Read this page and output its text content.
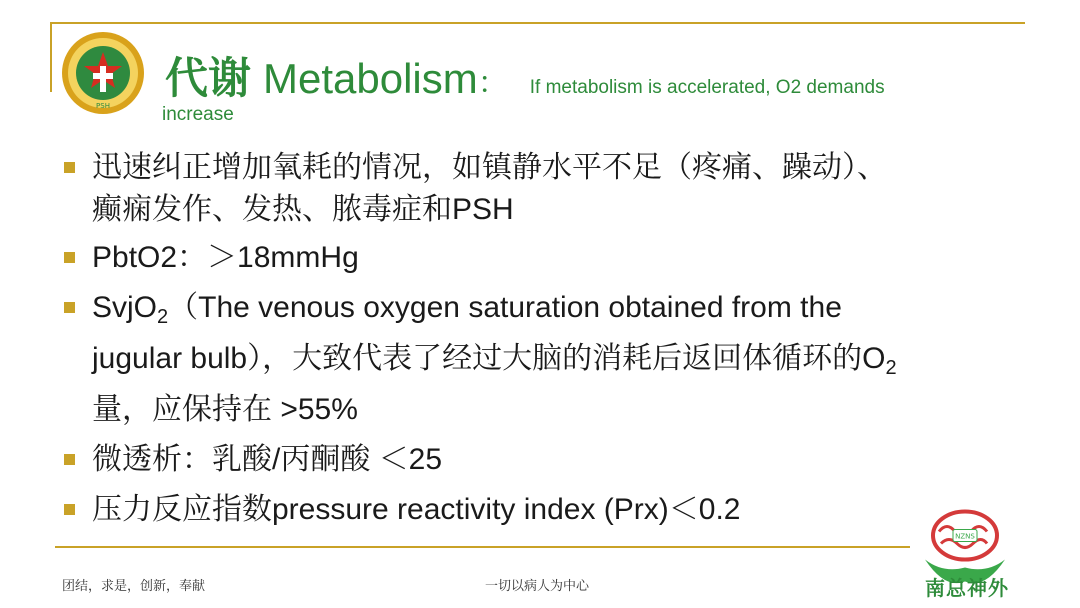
PSH
代谢 Metabolism： If metabolism is accelerated, O2 demands
increase
迅速纠正增加氧耗的情况，如镇静水平不足（疼痛、躁动）、
癫痫发作、发热、脓毒症和PSH
PbtO2：＞18mmHg
SvjO$_2$（The venous oxygen saturation obtained from the
jugular bulb），大致代表了经过大脑的消耗后返回体循环的$O_2$
量，应保持在 >55%
微透析：乳酸/丙酮酸 ＜25
压力反应指数pressure reactivity index (Prx)＜0.2
团结，求是，创新，奉献	一切以病人为中心
NZNS
南总神外
